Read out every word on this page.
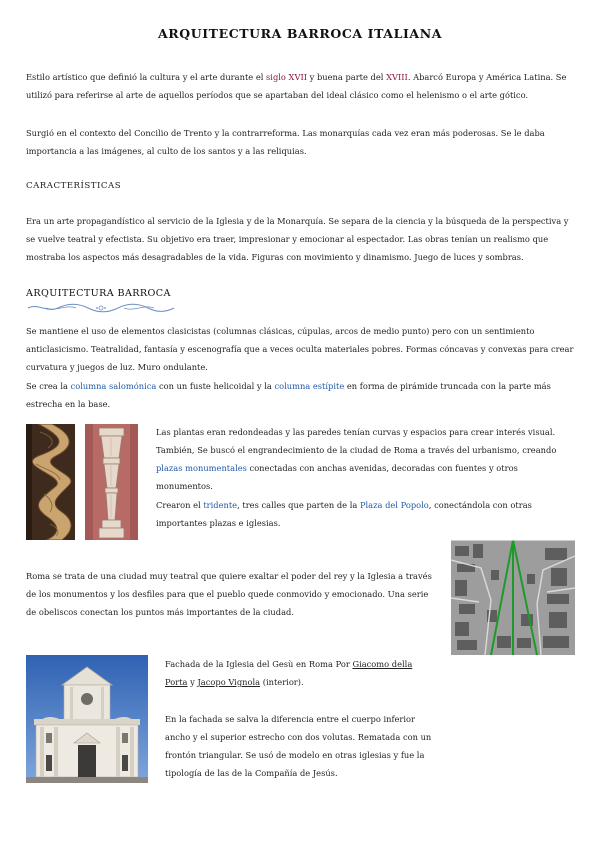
ARQUITECTURA BARROCA ITALIANA
Estilo artístico que definió la cultura y el arte durante el siglo XVII y buena parte del XVIII. Abarcó Europa y América Latina. Se utilizó para referirse al arte de aquellos períodos que se apartaban del ideal clásico como el helenismo o el arte gótico.
Surgió en el contexto del Concilio de Trento y la contrarreforma. Las monarquías cada vez eran más poderosas. Se le daba importancia a las imágenes, al culto de los santos y a las reliquias.
CARACTERÍSTICAS
Era un arte propagandístico al servicio de la Iglesia y de la Monarquía. Se separa de la ciencia y la búsqueda de la perspectiva y se vuelve teatral y efectista. Su objetivo era traer, impresionar y emocionar al espectador. Las obras tenían un realismo que mostraba los aspectos más desagradables de la vida. Figuras con movimiento y dinamismo. Juego de luces y sombras.
ARQUITECTURA BARROCA
Se mantiene el uso de elementos clasicistas (columnas clásicas, cúpulas, arcos de medio punto) pero con un sentimiento anticlasicismo. Teatralidad, fantasía y escenografía que a veces oculta materiales pobres. Formas cóncavas y convexas para crear curvatura y juegos de luz. Muro ondulante.
Se crea la columna salomónica con un fuste helicoidal y la columna estípite en forma de pirámide truncada con la parte más estrecha en la base.
Las plantas eran redondeadas y las paredes tenían curvas y espacios para crear interés visual. También, Se buscó el engrandecimiento de la ciudad de Roma a través del urbanismo, creando plazas monumentales conectadas con anchas avenidas, decoradas con fuentes y otros monumentos.
Crearon el tridente, tres calles que parten de la Plaza del Popolo, conectándola con otras importantes plazas e iglesias.
Roma se trata de una ciudad muy teatral que quiere exaltar el poder del rey y la Iglesia a través de los monumentos y los desfiles para que el pueblo quede conmovido y emocionado. Una serie de obeliscos conectan los puntos más importantes de la ciudad.
Fachada de la Iglesia del Gesù en Roma Por Giacomo della Porta y Jacopo Vignola (interior).
En la fachada se salva la diferencia entre el cuerpo inferior ancho y el superior estrecho con dos volutas. Rematada con un frontón triangular. Se usó de modelo en otras iglesias y fue la tipología de las de la Compañía de Jesús.
